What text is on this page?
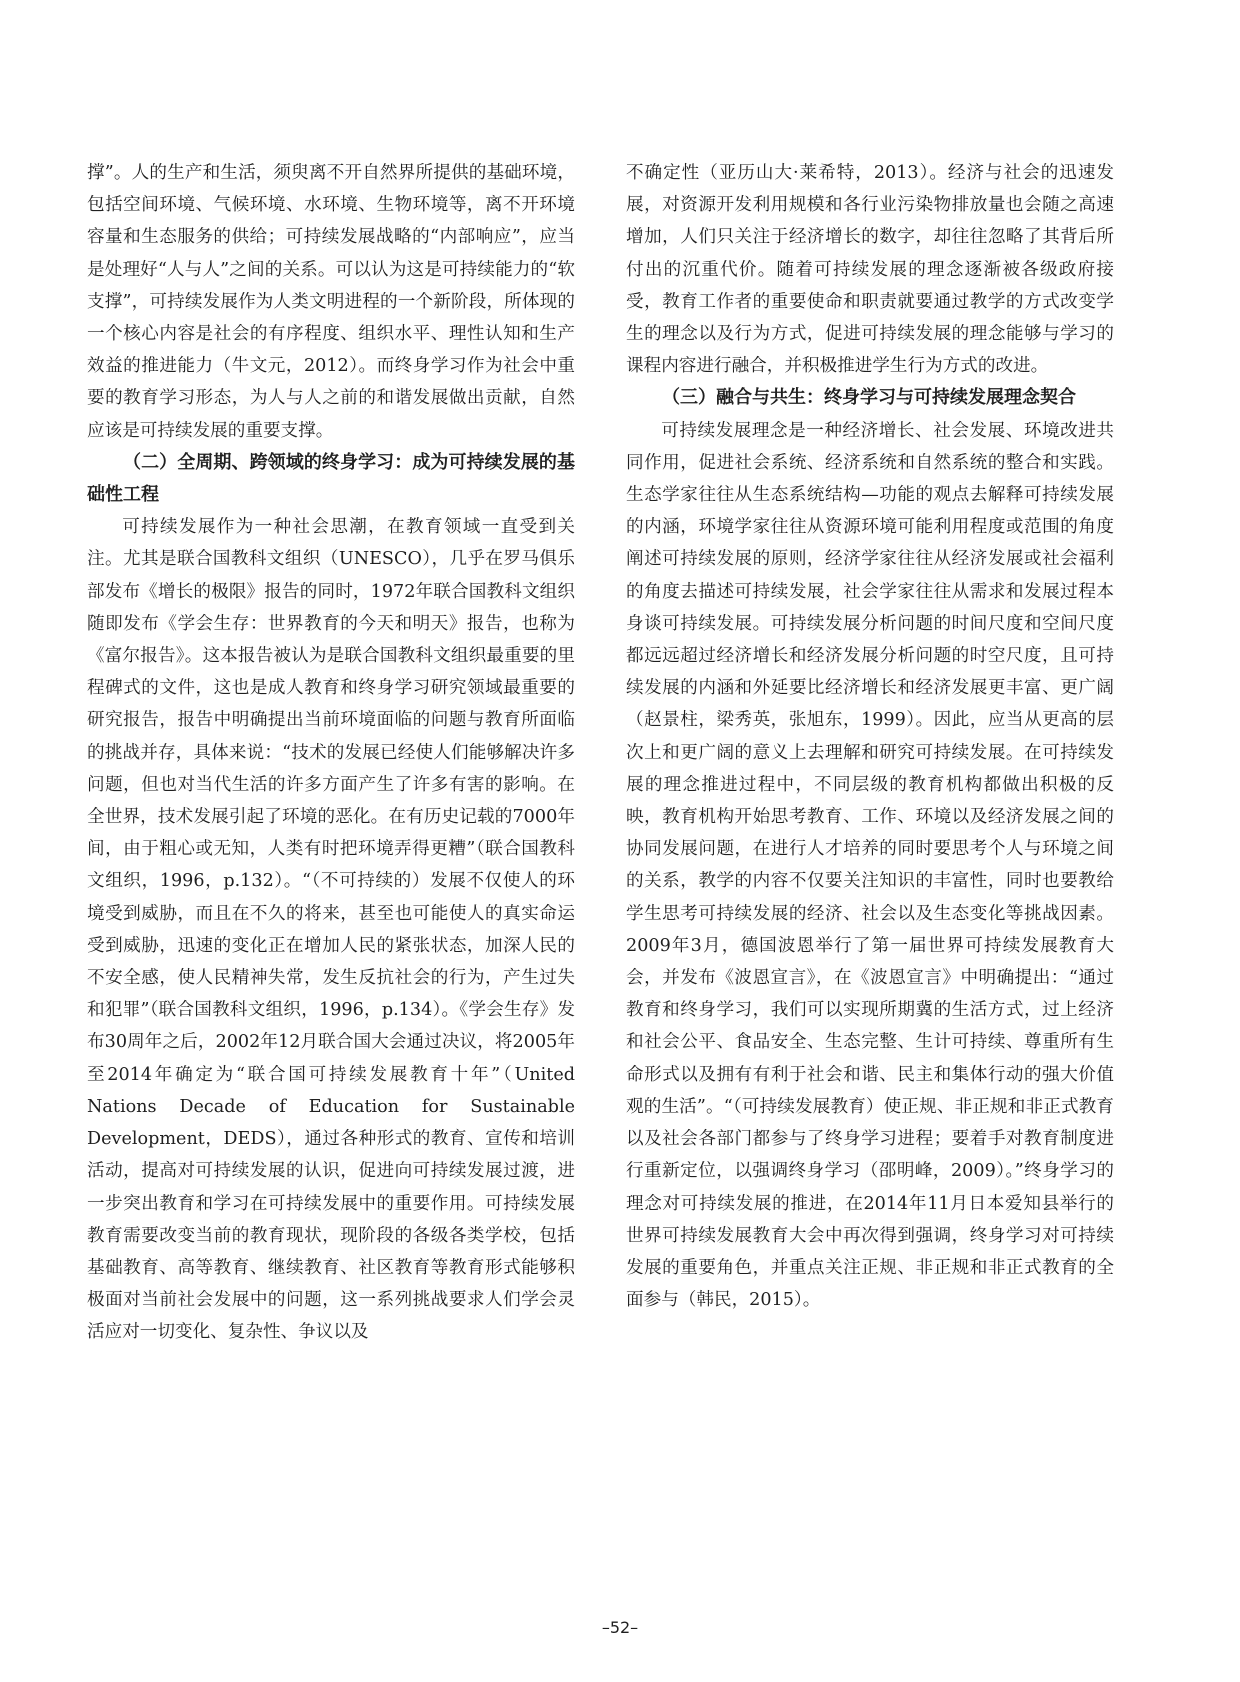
撑”。人的生产和生活，须臾离不开自然界所提供的基础环境，包括空间环境、气候环境、水环境、生物环境等，离不开环境容量和生态服务的供给；可持续发展战略的“内部响应”，应当是处理好“人与人”之间的关系。可以认为这是可持续能力的“软支撑”，可持续发展作为人类文明进程的一个新阶段，所体现的一个核心内容是社会的有序程度、组织水平、理性认知和生产效益的推进能力（牛文元，2012）。而终身学习作为社会中重要的教育学习形态，为人与人之前的和谐发展做出贡献，自然应该是可持续发展的重要支撑。

（二）全周期、跨领域的终身学习：成为可持续发展的基础性工程

可持续发展作为一种社会思潮，在教育领域一直受到关注。尤其是联合国教科文组织（UNESCO），几乎在罗马俱乐部发布《增长的极限》报告的同时，1972年联合国教科文组织随即发布《学会生存：世界教育的今天和明天》报告，也称为《富尔报告》。这本报告被认为是联合国教科文组织最重要的里程碑式的文件，这也是成人教育和终身学习研究领域最重要的研究报告，报告中明确提出当前环境面临的问题与教育所面临的挑战并存，具体来说：“技术的发展已经使人们能够解决许多问题，但也对当代生活的许多方面产生了许多有害的影响。在全世界，技术发展引起了环境的恶化。在有历史记载的7000年间，由于粗心或无知，人类有时把环境弄得更糟”（联合国教科文组织，1996，p.132）。“（不可持续的）发展不仅使人的环境受到威胁，而且在不久的将来，甚至也可能使人的真实命运受到威胁，迅速的变化正在增加人民的紧张状态，加深人民的不安全感，使人民精神失常，发生反抗社会的行为，产生过失和犯罪”（联合国教科文组织，1996，p.134）。《学会生存》发布30周年之后，2002年12月联合国大会通过决议，将2005年至2014年确定为“联合国可持续发展教育十年”（United Nations Decade of Education for Sustainable Development，DEDS），通过各种形式的教育、宣传和培训活动，提高对可持续发展的认识，促进向可持续发展过渡，进一步突出教育和学习在可持续发展中的重要作用。可持续发展教育需要改变当前的教育现状，现阶段的各级各类学校，包括基础教育、高等教育、继续教育、社区教育等教育形式能够积极面对当前社会发展中的问题，这一系列挑战要求人们学会灵活应对一切变化、复杂性、争议以及

不确定性（亚历山大·莱希特，2013）。经济与社会的迅速发展，对资源开发利用规模和各行业污染物排放量也会随之高速增加，人们只关注于经济增长的数字，却往往忽略了其背后所付出的沉重代价。随着可持续发展的理念逐渐被各级政府接受，教育工作者的重要使命和职责就要通过教学的方式改变学生的理念以及行为方式，促进可持续发展的理念能够与学习的课程内容进行融合，并积极推进学生行为方式的改进。

（三）融合与共生：终身学习与可持续发展理念契合

可持续发展理念是一种经济增长、社会发展、环境改进共同作用，促进社会系统、经济系统和自然系统的整合和实践。生态学家往往从生态系统结构—功能的观点去解释可持续发展的内涵，环境学家往往从资源环境可能利用程度或范围的角度阐述可持续发展的原则，经济学家往往从经济发展或社会福利的角度去描述可持续发展，社会学家往往从需求和发展过程本身谈可持续发展。可持续发展分析问题的时间尺度和空间尺度都远远超过经济增长和经济发展分析问题的时空尺度，且可持续发展的内涵和外延要比经济增长和经济发展更丰富、更广阔（赵景柱，梁秀英，张旭东，1999）。因此，应当从更高的层次上和更广阔的意义上去理解和研究可持续发展。在可持续发展的理念推进过程中，不同层级的教育机构都做出积极的反映，教育机构开始思考教育、工作、环境以及经济发展之间的协同发展问题，在进行人才培养的同时要思考个人与环境之间的关系，教学的内容不仅要关注知识的丰富性，同时也要教给学生思考可持续发展的经济、社会以及生态变化等挑战因素。2009年3月，德国波恩举行了第一届世界可持续发展教育大会，并发布《波恩宣言》，在《波恩宣言》中明确提出：“通过教育和终身学习，我们可以实现所期冀的生活方式，过上经济和社会公平、食品安全、生态完整、生计可持续、尊重所有生命形式以及拥有有利于社会和谐、民主和集体行动的强大价值观的生活”。“（可持续发展教育）使正规、非正规和非正式教育以及社会各部门都参与了终身学习进程；要着手对教育制度进行重新定位，以强调终身学习（邵明峰，2009）。”终身学习的理念对可持续发展的推进，在2014年11月日本爱知县举行的世界可持续发展教育大会中再次得到强调，终身学习对可持续发展的重要角色，并重点关注正规、非正规和非正式教育的全面参与（韩民，2015）。

–52–
